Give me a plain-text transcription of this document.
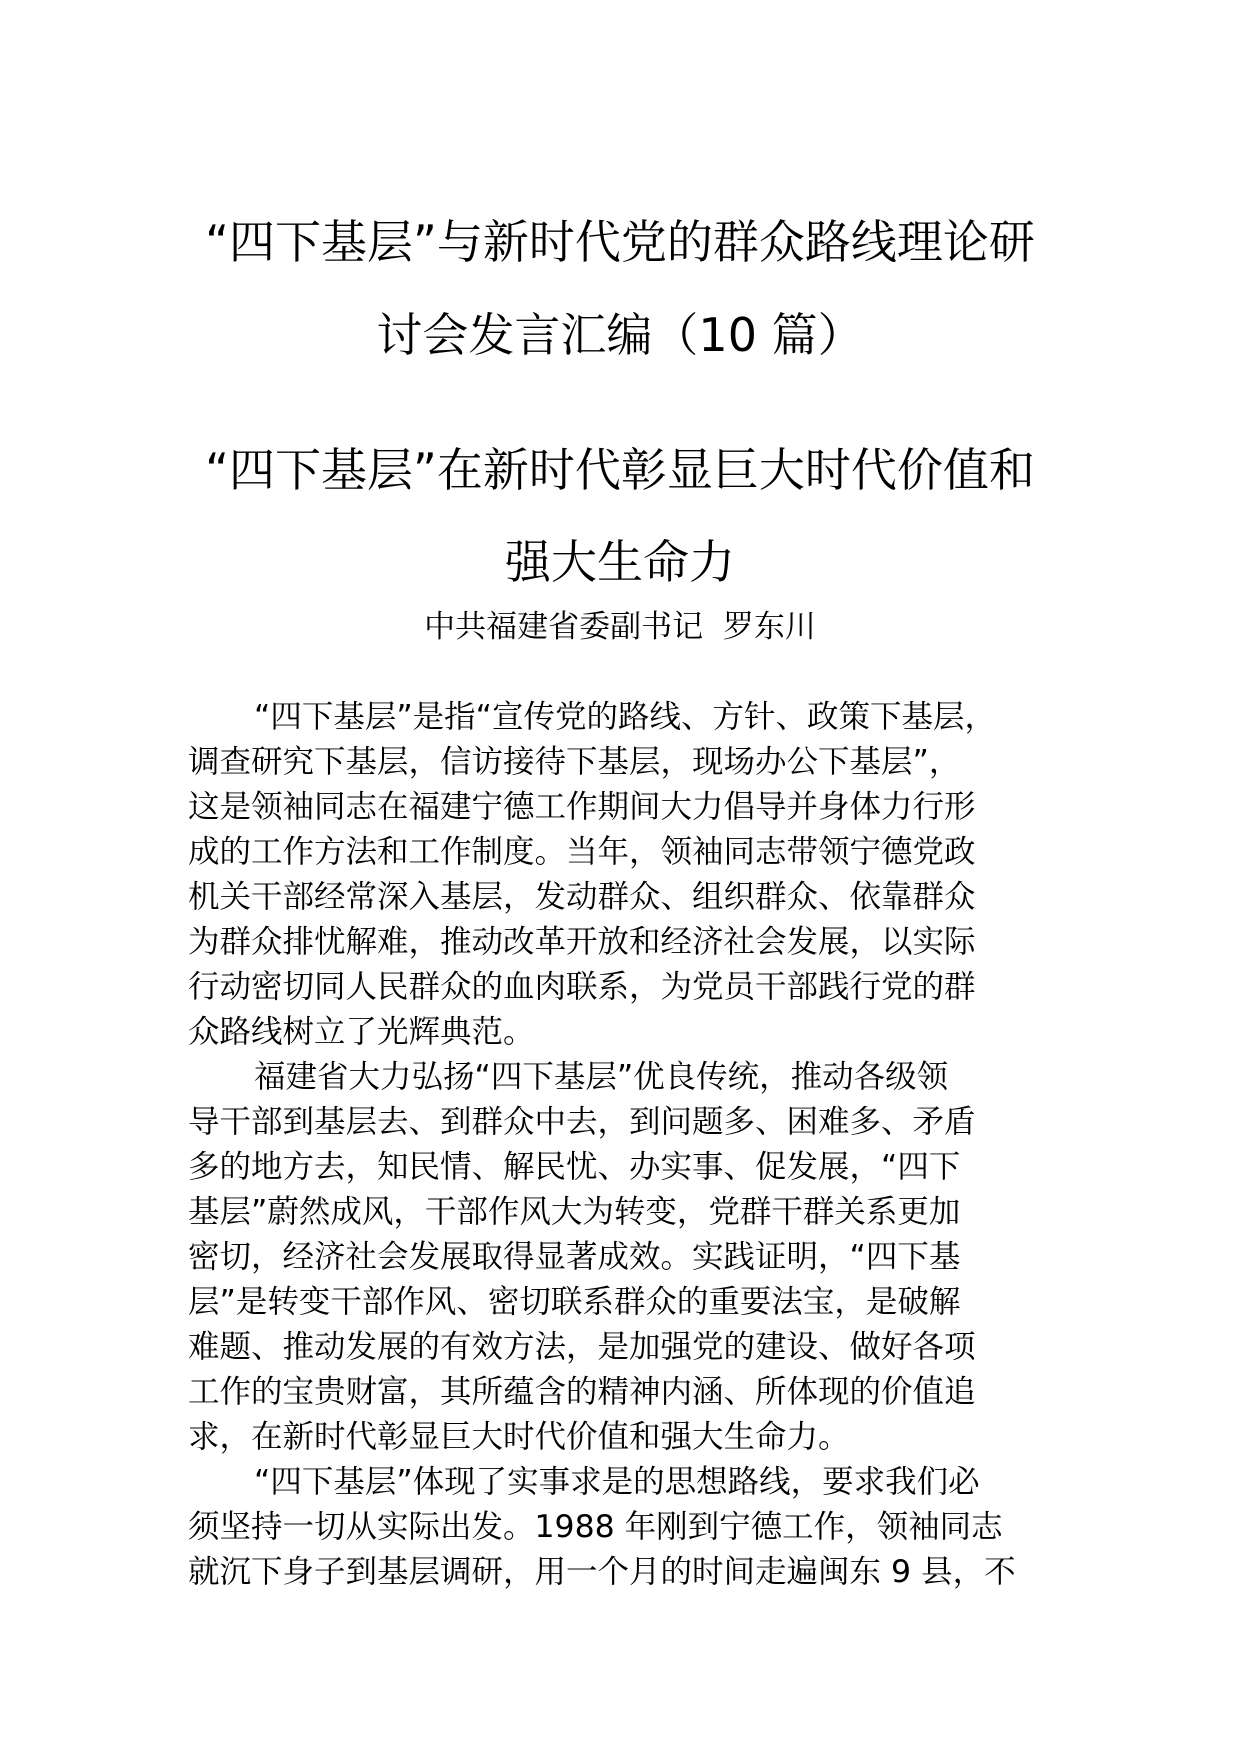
“四下基层”与新时代党的群众路线理论研
讨会发言汇编（10 篇）
“四下基层”在新时代彰显巨大时代价值和
强大生命力
中共福建省委副书记  罗东川
“四下基层”是指“宣传党的路线、方针、政策下基层，
调查研究下基层，信访接待下基层，现场办公下基层”，
这是领袖同志在福建宁德工作期间大力倡导并身体力行形
成的工作方法和工作制度。当年，领袖同志带领宁德党政
机关干部经常深入基层，发动群众、组织群众、依靠群众
为群众排忧解难，推动改革开放和经济社会发展，以实际
行动密切同人民群众的血肉联系，为党员干部践行党的群
众路线树立了光辉典范。
福建省大力弘扬“四下基层”优良传统，推动各级领
导干部到基层去、到群众中去，到问题多、困难多、矛盾
多的地方去，知民情、解民忧、办实事、促发展，“四下
基层”蔚然成风，干部作风大为转变，党群干群关系更加
密切，经济社会发展取得显著成效。实践证明，“四下基
层”是转变干部作风、密切联系群众的重要法宝，是破解
难题、推动发展的有效方法，是加强党的建设、做好各项
工作的宝贵财富，其所蕴含的精神内涵、所体现的价值追
求，在新时代彰显巨大时代价值和强大生命力。
“四下基层”体现了实事求是的思想路线，要求我们必
须坚持一切从实际出发。1988 年刚到宁德工作，领袖同志
就沉下身子到基层调研，用一个月的时间走遍闽东 9 县，不
